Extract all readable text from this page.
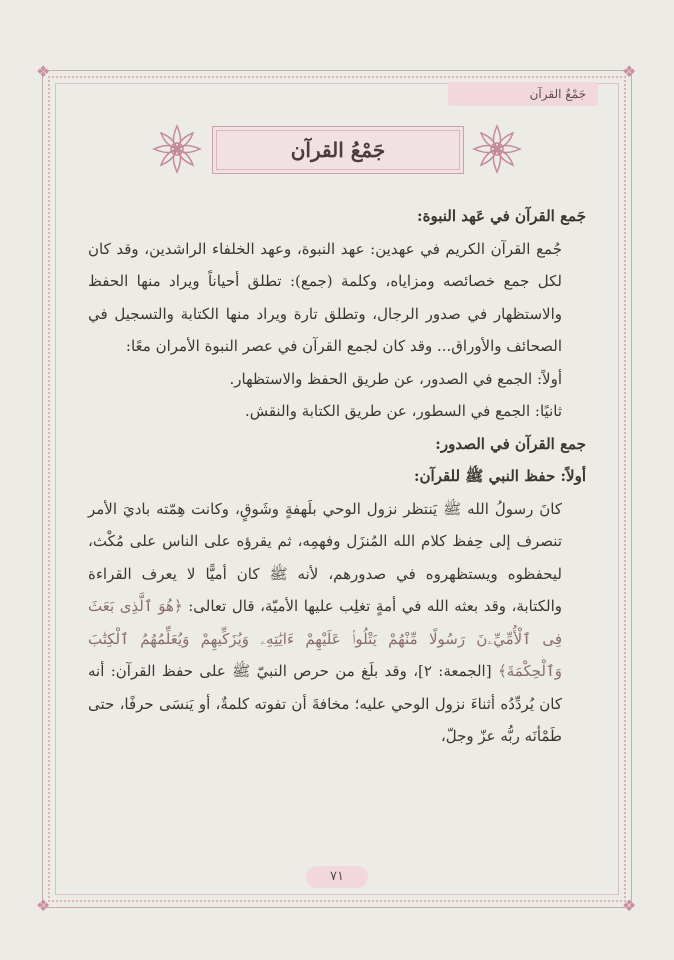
❖	❖
❖	❖
جَمْعُ القرآن
جَمْعُ القرآن

جَمع القرآن في عَهد النبوة:

جُمع القرآن الكريم في عهدين: عهد النبوة، وعهد الخلفاء الراشدين، وقد كان لكل جمع خصائصه ومزاياه، وكلمة (جمع): تطلق أحياناً ويراد منها الحفظ والاستظهار في صدور الرجال، وتطلق تارة ويراد منها الكتابة والتسجيل في الصحائف والأوراق... وقد كان لجمع القرآن في عصر النبوة الأمران معًا:

أولاً: الجمع في الصدور، عن طريق الحفظ والاستظهار.

ثانيًا: الجمع في السطور، عن طريق الكتابة والنقش.

جمع القرآن في الصدور:

أولاً: حفظ النبي ﷺ للقرآن:

كانَ رسولُ الله ﷺ يَنتظر نزول الوحي بلَهفةٍ وشَوقٍ، وكانت هِمّته باديَ الأمر تنصرف إلى حِفظ كلام الله المُنزَل وفهمِه، ثم يقرؤه على الناس على مُكْث، ليحفظوه ويستظهروه في صدورهم، لأنه ﷺ كان أميًّا لا يعرف القراءة والكتابة، وقد بعثه الله في أمةٍ تغلِب عليها الأميّة، قال تعالى: ﴿هُوَ ٱلَّذِى بَعَثَ فِى ٱلْأُمِّيِّۦنَ رَسُولًا مِّنْهُمْ يَتْلُوا۟ عَلَيْهِمْ ءَايَٰتِهِۦ وَيُزَكِّيهِمْ وَيُعَلِّمُهُمُ ٱلْكِتَٰبَ وَٱلْحِكْمَةَ﴾ [الجمعة: ٢]، وقد بلَغ من حرص النبيّ ﷺ على حفظ القرآن: أنه كان يُردِّدُه أثناءَ نزول الوحي عليه؛ مخافةَ أن تفوته كلمةٌ، أو يَنسَى حرفًا، حتى طَمْأنَه ربُّه عزّ وجلّ،

٧١
